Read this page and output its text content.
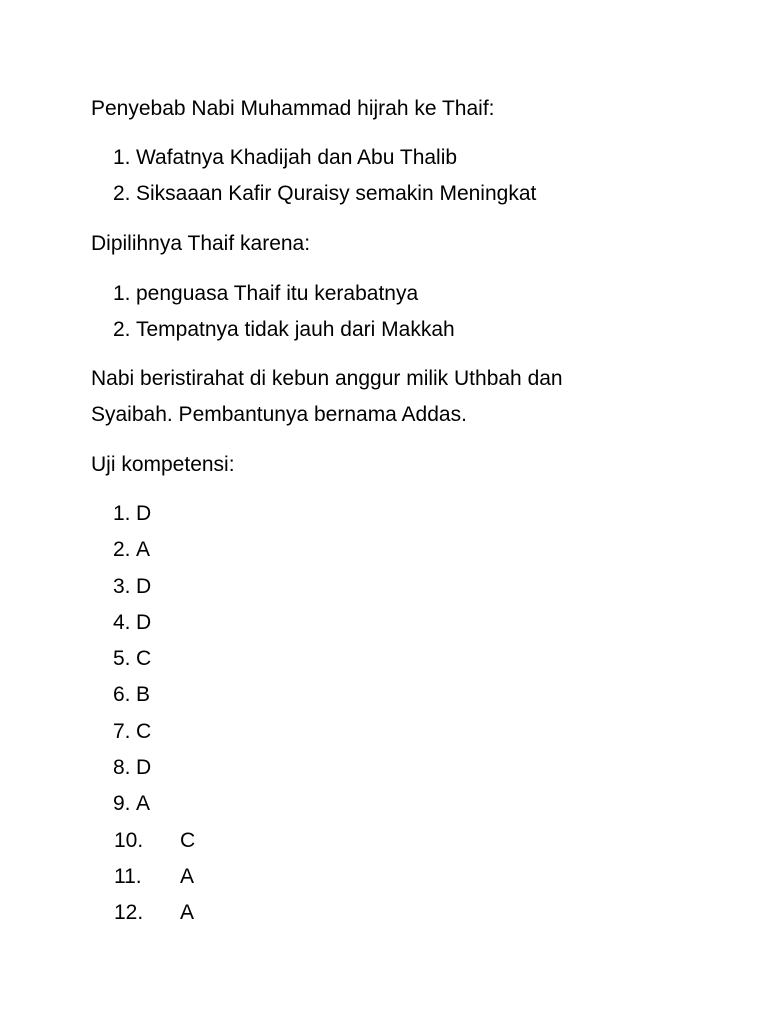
Penyebab Nabi Muhammad hijrah ke Thaif:

1. Wafatnya Khadijah dan Abu Thalib
2. Siksaaan Kafir Quraisy semakin Meningkat

Dipilihnya Thaif karena:

1. penguasa Thaif itu kerabatnya
2. Tempatnya tidak jauh dari Makkah

Nabi beristirahat di kebun anggur milik Uthbah dan

Syaibah. Pembantunya bernama Addas.

Uji kompetensi:

1. D
2. A
3. D
4. D
5. C
6. B
7. C
8. D
9. A
10. C
11. A
12. A
